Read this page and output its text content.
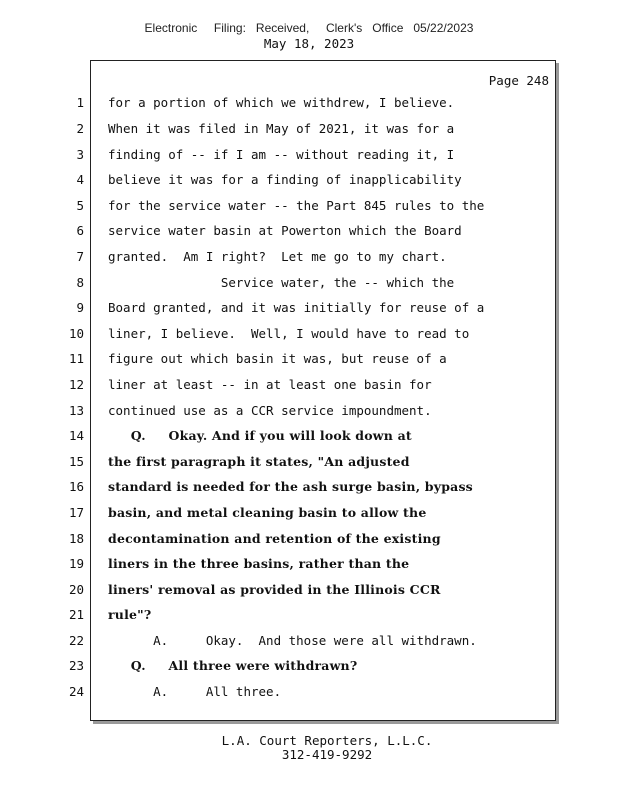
Electronic     Filing:   Received,     Clerk's   Office   05/22/2023
May 18, 2023
Page 248
1 for a portion of which we withdrew, I believe.
2 When it was filed in May of 2021, it was for a
3 finding of -- if I am -- without reading it, I
4 believe it was for a finding of inapplicability
5 for the service water -- the Part 845 rules to the
6 service water basin at Powerton which the Board
7 granted.  Am I right?  Let me go to my chart.
8 Service water, the -- which the
9 Board granted, and it was initially for reuse of a
10 liner, I believe.  Well, I would have to read to
11 figure out which basin it was, but reuse of a
12 liner at least -- in at least one basin for
13 continued use as a CCR service impoundment.
14 Q.     Okay. And if you will look down at
15 the first paragraph it states, "An adjusted
16 standard is needed for the ash surge basin, bypass
17 basin, and metal cleaning basin to allow the
18 decontamination and retention of the existing
19 liners in the three basins, rather than the
20 liners' removal as provided in the Illinois CCR
21 rule"?
22 A.     Okay.  And those were all withdrawn.
23 Q.     All three were withdrawn?
24 A.     All three.
L.A. Court Reporters, L.L.C.
312-419-9292
